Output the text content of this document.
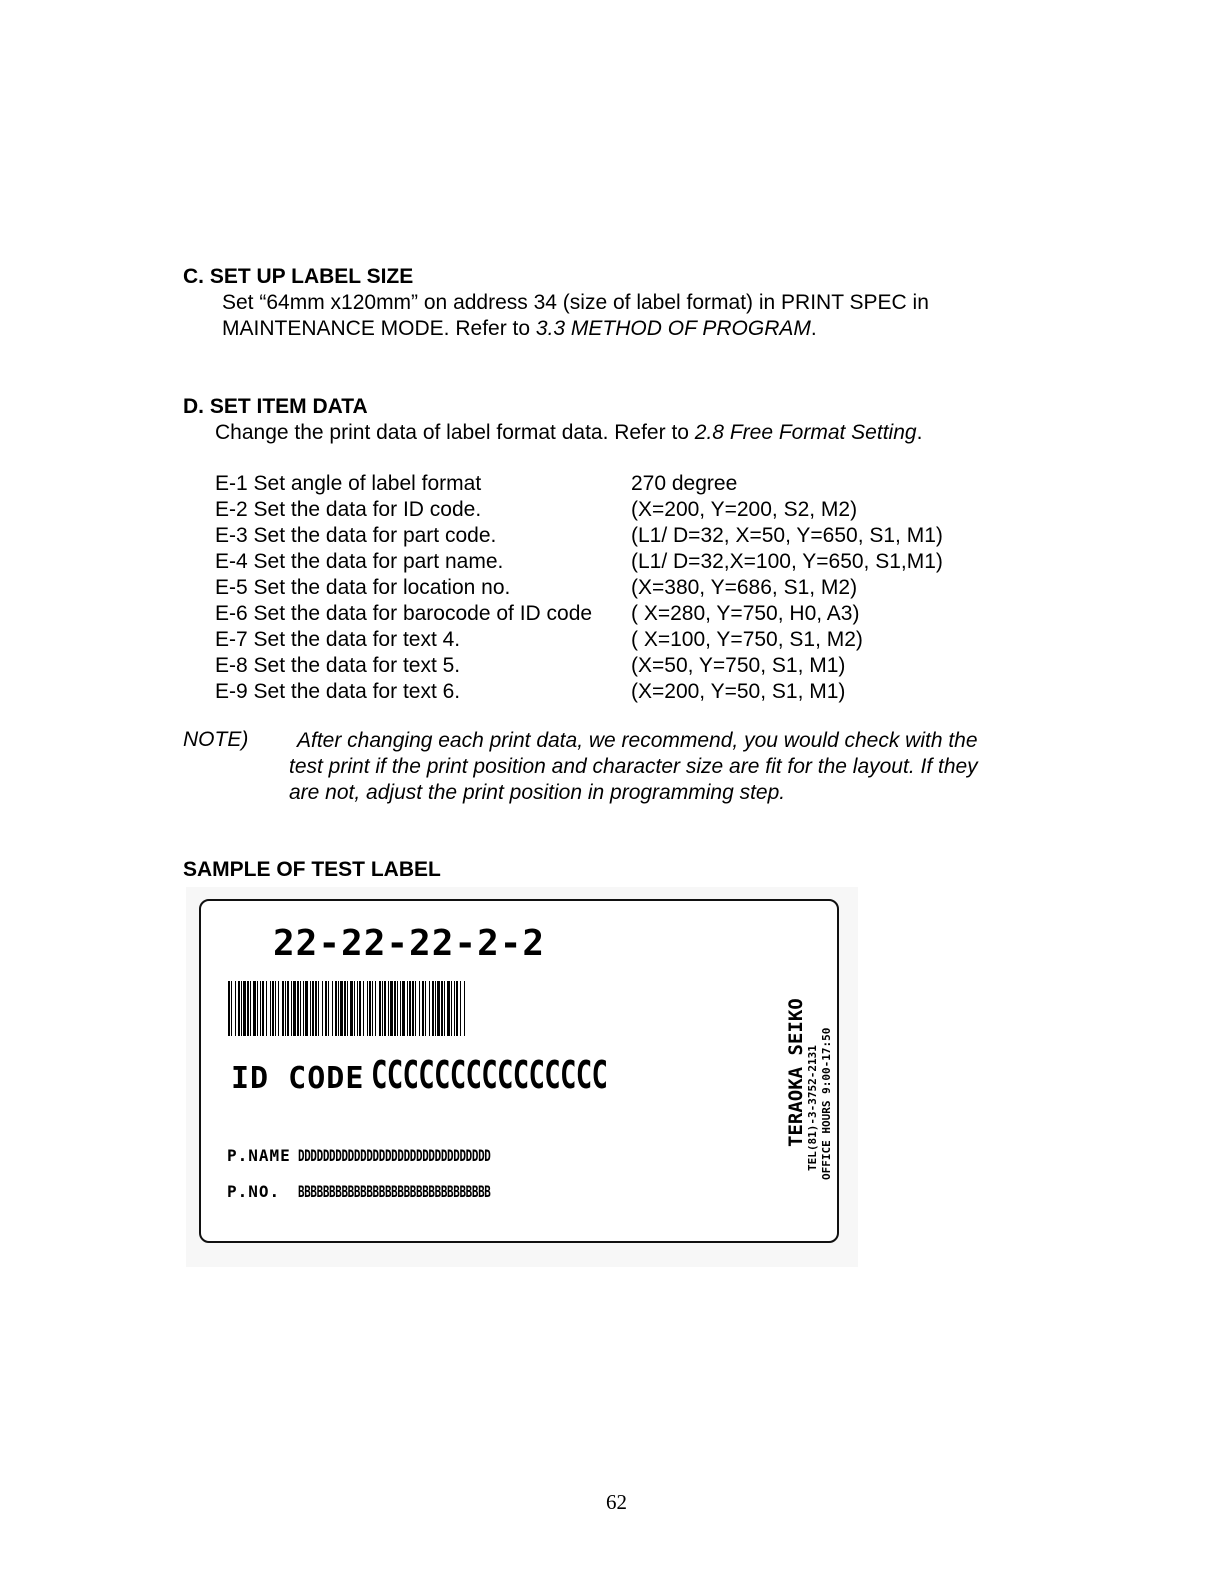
C. SET UP LABEL SIZE
Set “64mm x120mm” on address 34 (size of label format) in PRINT SPEC in
MAINTENANCE MODE. Refer to 3.3 METHOD OF PROGRAM.
D. SET ITEM DATA
Change the print data of label format data. Refer to 2.8 Free Format Setting.
E-1 Set angle of label format	270 degree
E-2 Set the data for ID code.	(X=200, Y=200, S2, M2)
E-3 Set the data for part code.	(L1/ D=32, X=50, Y=650, S1, M1)
E-4 Set the data for part name.	(L1/ D=32,X=100, Y=650, S1,M1)
E-5 Set the data for location no.	(X=380, Y=686, S1, M2)
E-6 Set the data for barocode of ID code ( X=280, Y=750, H0, A3)
E-7 Set the data for text 4.	( X=100, Y=750, S1, M2)
E-8 Set the data for text 5.	(X=50, Y=750, S1, M1)
E-9 Set the data for text 6.	(X=200, Y=50, S1, M1)
NOTE) After changing each print data, we recommend, you would check with the
test print if the print position and character size are fit for the layout. If they
are not, adjust the print position in programming step.
SAMPLE OF TEST LABEL
22-22-22-2-2
ID CODE CCCCCCCCCCCCCCC
P.NAME DDDDDDDDDDDDDDDDDDDDDDDDDDDDDDD
P.NO. BBBBBBBBBBBBBBBBBBBBBBBBBBBBBBB
TERAOKA SEIKO TEL(81)-3-3752-2131 OFFICE HOURS 9:00-17:50
62
